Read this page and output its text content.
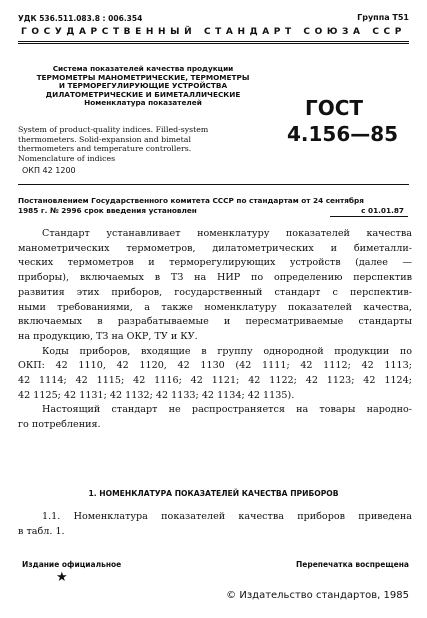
УДК 536.511.083.8 : 006.354	Группа Т51
ГОСУДАРСТВЕННЫЙ СТАНДАРТ СОЮЗА ССР
Система показателей качества продукции
ТЕРМОМЕТРЫ МАНОМЕТРИЧЕСКИЕ, ТЕРМОМЕТРЫ
И ТЕРМОРЕГУЛИРУЮЩИЕ УСТРОЙСТВА
ДИЛАТОМЕТРИЧЕСКИЕ И БИМЕТАЛЛИЧЕСКИЕ
Номенклатура показателей
System of product-quality indices. Filled-system
thermometers. Solid-expansion and bimetal
thermometers and temperature controllers.
Nomenclature of indices
ГОСТ
4.156—85
ОКП 42 1200
Постановлением Государственного комитета СССР по стандартам от 24 сентября
1985 г. № 2996 срок введения установлен	с 01.01.87
Стандарт устанавливает номенклатуру показателей качества
манометрических термометров, дилатометрических и биметалли-
ческих термометров и терморегулирующих устройств (далее —
приборы), включаемых в ТЗ на НИР по определению перспектив
развития этих приборов, государственный стандарт с перспектив-
ными требованиями, а также номенклатуру показателей качества,
включаемых в разрабатываемые и пересматриваемые стандарты
на продукцию, ТЗ на ОКР, ТУ и КУ.
Коды приборов, входящие в группу однородной продукции по
ОКП: 42 1110, 42 1120, 42 1130 (42 1111; 42 1112; 42 1113;
42 1114; 42 1115; 42 1116; 42 1121; 42 1122; 42 1123; 42 1124;
42 1125; 42 1131; 42 1132; 42 1133; 42 1134; 42 1135).
Настоящий стандарт не распространяется на товары народно-
го потребления.
1. НОМЕНКЛАТУРА ПОКАЗАТЕЛЕЙ КАЧЕСТВА ПРИБОРОВ
1.1. Номенклатура показателей качества приборов приведена
в табл. 1.
Издание официальное	Перепечатка воспрещена
★
© Издательство стандартов, 1985
